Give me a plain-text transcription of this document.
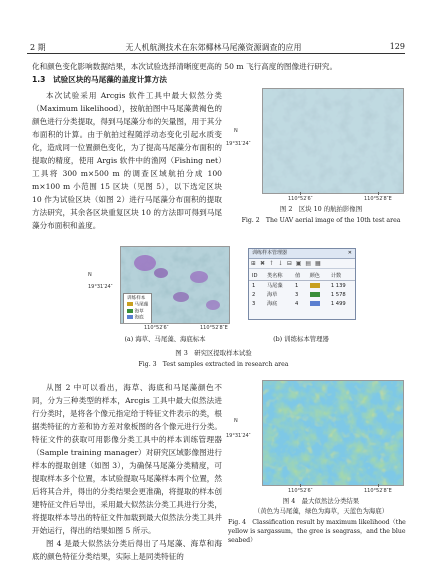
2 期	无人机航测技术在东郊椰林马尾藻资源调查的应用	129
化和颜色变化影响数据结果，本次试验选择清晰度更高的 50 m 飞行高度的图像进行研究。
1.3　试验区块的马尾藻的盖度计算方法

本次试验采用 Arcgis 软件工具中最大似然分类（Maximum likelihood），按航拍图中马尾藻黄褐色的颜色进行分类提取，得到马尾藻分布的矢量图，用于其分布面积的计算。由于航拍过程随浮动态变化引起水质变化，造成同一位置颜色变化，为了提高马尾藻分布面积的提取的精度，使用 Argis 软件中的渔网（Fishing net）工具将 300 m×500 m 的调查区域航拍分成 100 m×100 m 小范围 15 区块（见图 5），以下选定区块 10 作为试验区块（如图 2）进行马尾藻分布面积的提取方法研究，其余各区块重复区块 10 的方法即可得到马尾藻分布面积和盖度。

N
19°31′24″
110°52′6″	110°52′8″E
图 2　区块 10 的航拍影像图
Fig. 2　The UAV aerial image of the 10th test area
N
19°31′24″
训练样本
马尾藻
海草
海底
110°52′6″	110°52′8″E
训练样本管理器	✕
⊞ ✖ ↑ ↓ ⊟ ▣ ▤ ▦
ID	类名称	值	颜色	计数
1	马尾藻	1		1 139
2	海草	3		1 578
3	海底	4		1 499
(a) 海草、马尾藻、海底标本	(b) 训练标本管理器
图 3　研究区提取样本试验
Fig. 3　Test samples extracted in research area

从图 2 中可以看出，海草、海底和马尾藻颜色不同，分为三种类型的样本，Arcgis 工具中最大似然法进行分类时，是将各个像元指定给于特征文件表示的类，根据类特征的方差和协方差对象板图的各个像元进行分类。特征文件的获取可用影像分类工具中的样本训练管理器（Sample training manager）对研究区域影像图进行样本的提取创建（如图 3），为确保马尾藻分类精度，可提取样本多个位置，本试验提取马尾藻样本两个位置，然后将其合并，得出的分类结果会更准确，将提取的样本创建特征文件后导出，采用最大似然法分类工具进行分类，将提取样本导出的特征文件加载到最大似然法分类工具并开始运行，得出的结果如图 5 所示。

图 4 是最大似然法分类后得出了马尾藻、海草和海底的颜色特征分类结果，实际上是同类特征的

N
19°31′24″
110°52′6″	110°52′8″E
图 4　最大似然法分类结果
（黄色为马尾藻，绿色为海草，天蓝色为海底）
Fig. 4　Classification result by maximum likelihood（the
yellow is sargassum，the gree is seagrass，and the blue seabed）
